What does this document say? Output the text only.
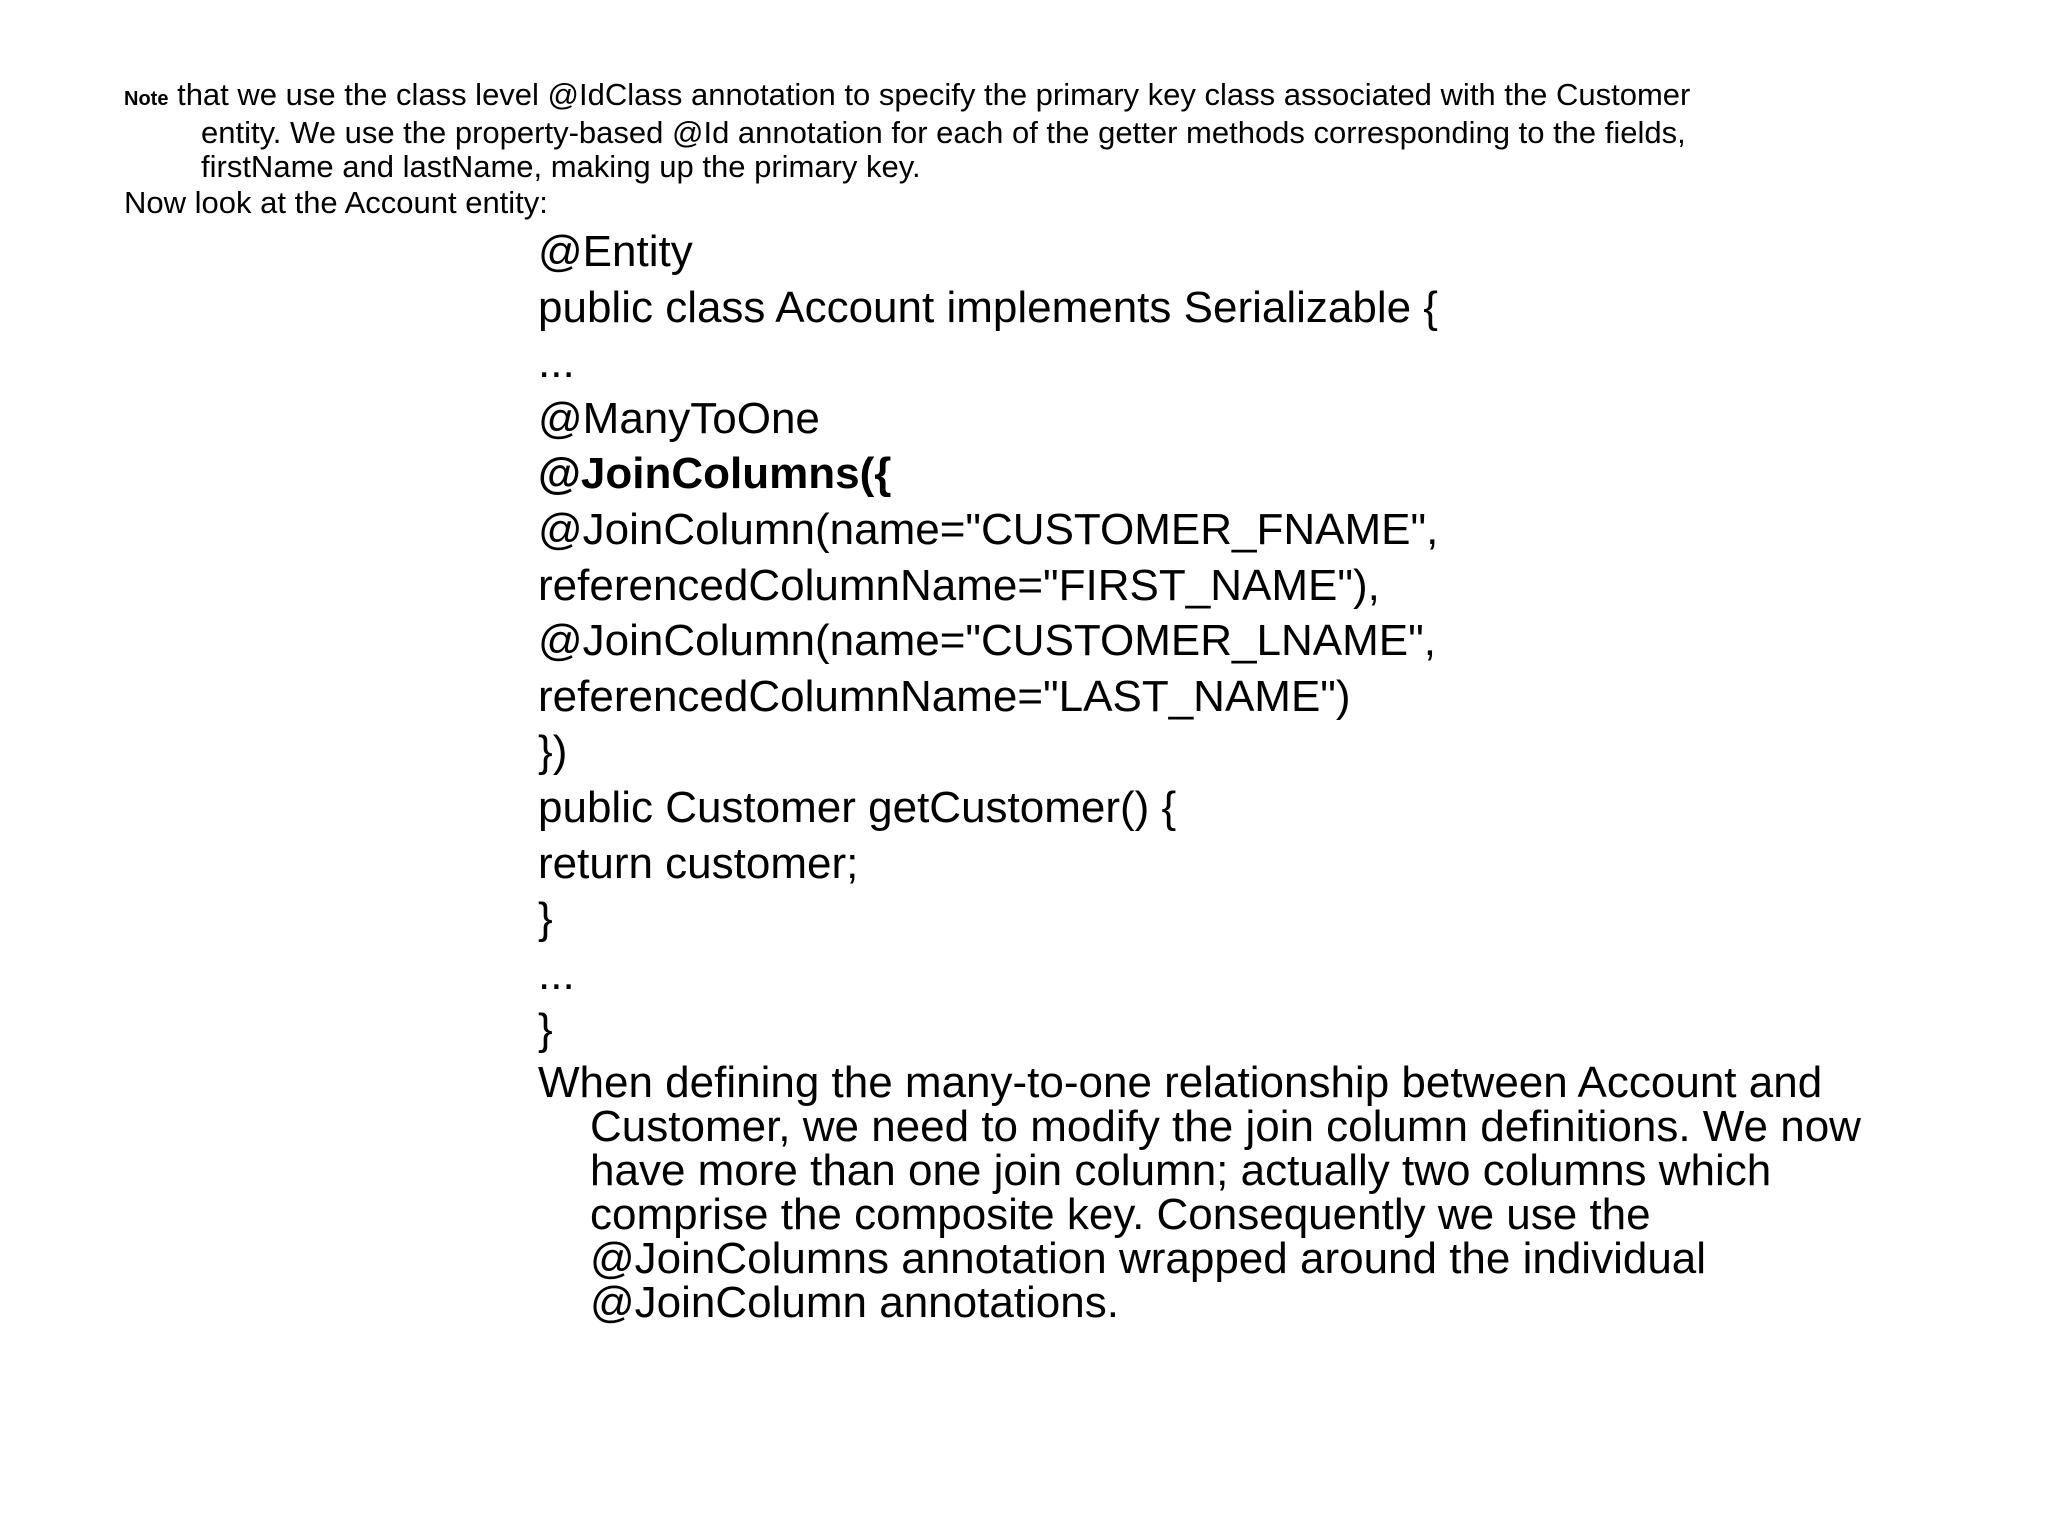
Note that we use the class level @IdClass annotation to specify the primary key class associated with the Customer
entity. We use the property-based @Id annotation for each of the getter methods corresponding to the fields,
firstName and lastName, making up the primary key.
Now look at the Account entity:
@Entity
public class Account implements Serializable {
...
@ManyToOne
@JoinColumns({
@JoinColumn(name="CUSTOMER_FNAME",
referencedColumnName="FIRST_NAME"),
@JoinColumn(name="CUSTOMER_LNAME",
referencedColumnName="LAST_NAME")
})
public Customer getCustomer() {
return customer;
}
...
}
When defining the many-to-one relationship between Account and
Customer, we need to modify the join column definitions. We now
have more than one join column; actually two columns which
comprise the composite key. Consequently we use the
@JoinColumns annotation wrapped around the individual
@JoinColumn annotations.
